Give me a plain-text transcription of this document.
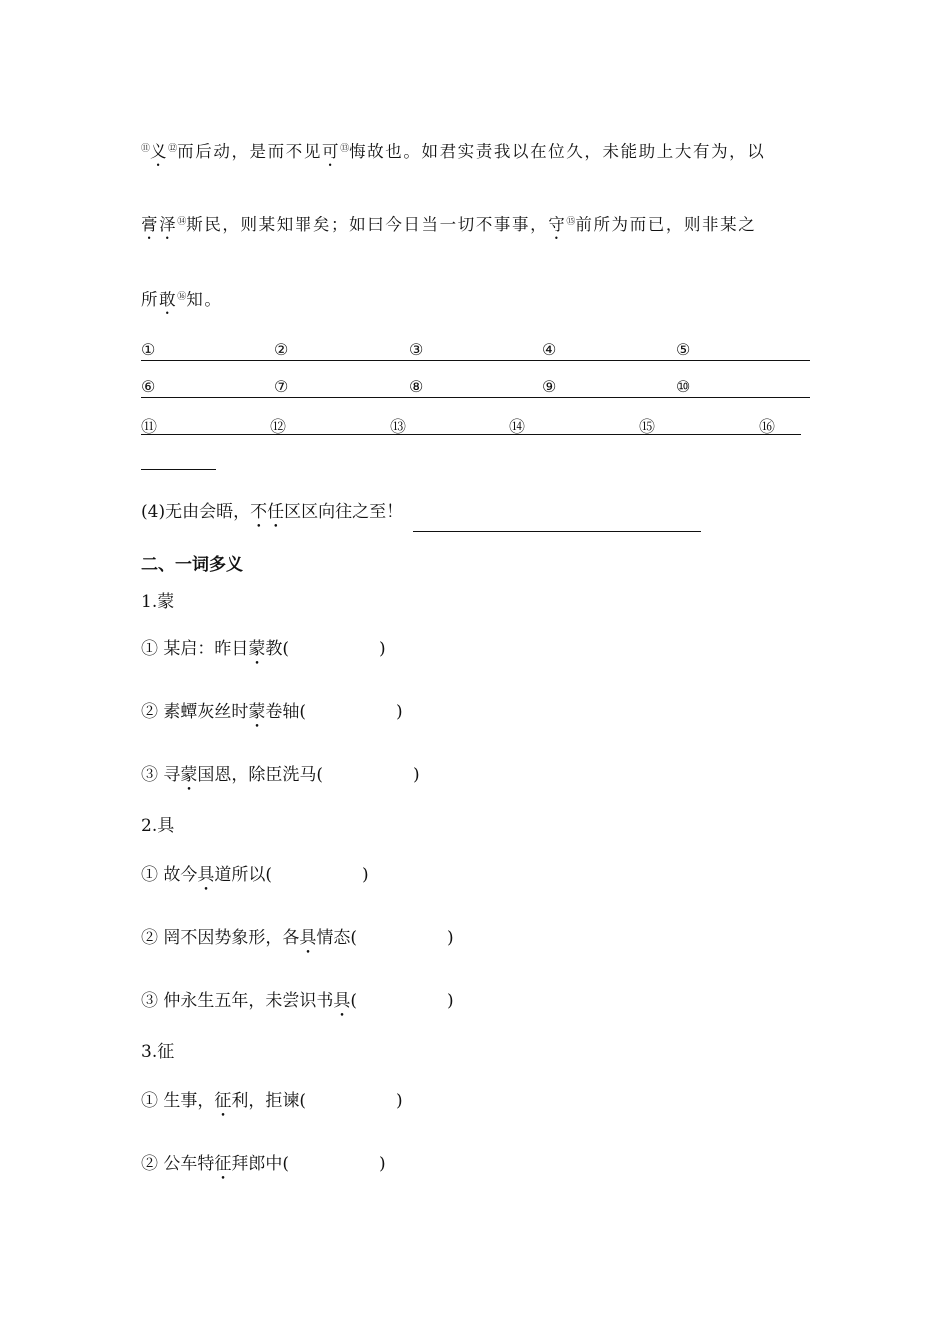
⑪义⑫而后动，是而不见可⑬悔故也。如君实责我以在位久，未能助上大有为，以
膏泽⑭斯民，则某知罪矣；如曰今日当一切不事事，守⑮前所为而已，则非某之
所敢⑯知。
①	②	③	④	⑤
⑥	⑦	⑧	⑨	⑩
⑪	⑫	⑬	⑭	⑮	⑯
(4)无由会晤，不任区区向往之至！
二、一词多义
1.蒙
① 某启：昨日蒙教(	)
② 素蟫灰丝时蒙卷轴(	)
③ 寻蒙国恩，除臣洗马(	)
2.具
① 故今具道所以(	)
② 罔不因势象形，各具情态(	)
③ 仲永生五年，未尝识书具(	)
3.征
① 生事，征利，拒谏(	)
② 公车特征拜郎中(	)
